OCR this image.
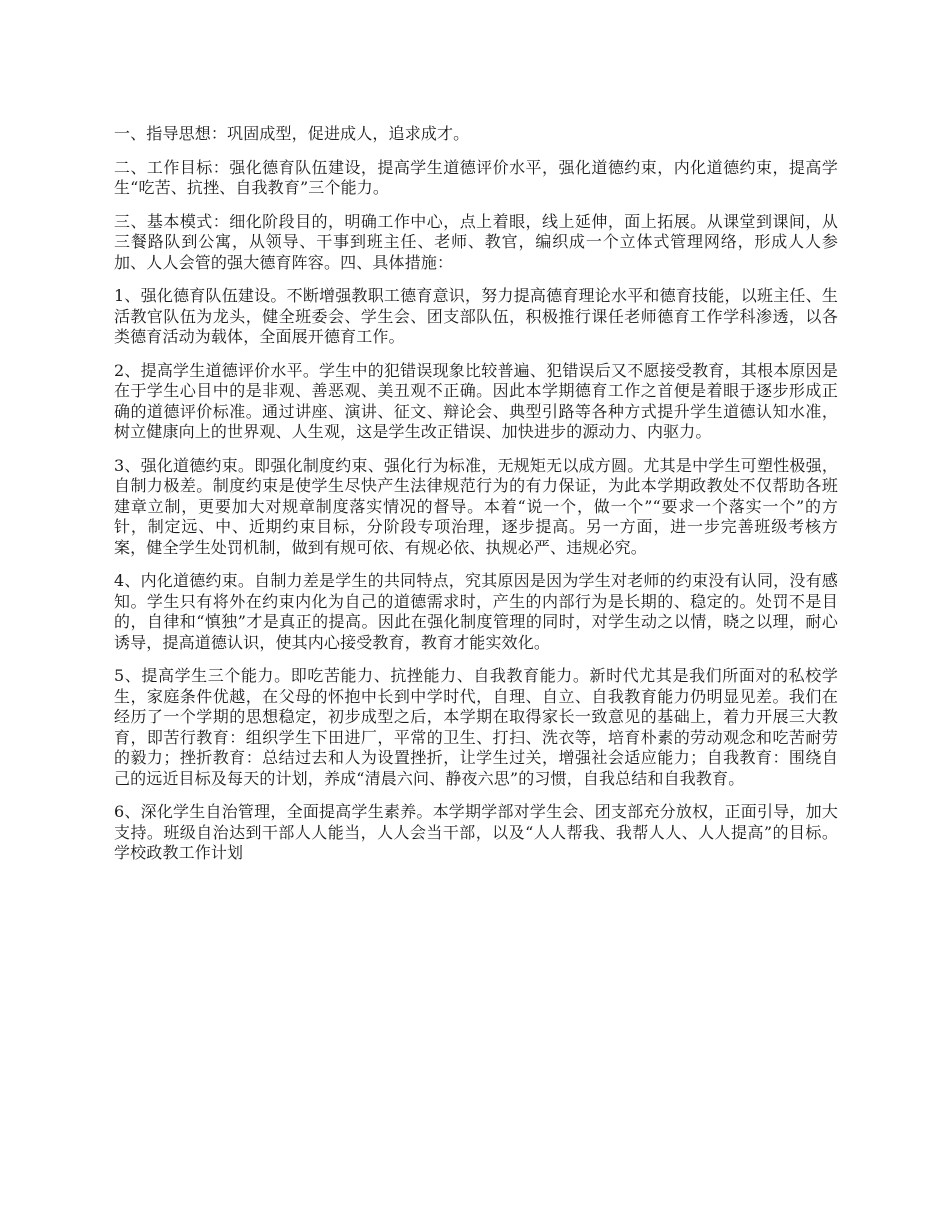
一、指导思想：巩固成型，促进成人，追求成才。

二、工作目标：强化德育队伍建设，提高学生道德评价水平，强化道德约束，内化道德约束，提高学生“吃苦、抗挫、自我教育”三个能力。

三、基本模式：细化阶段目的，明确工作中心，点上着眼，线上延伸，面上拓展。从课堂到课间，从三餐路队到公寓，从领导、干事到班主任、老师、教官，编织成一个立体式管理网络，形成人人参加、人人会管的强大德育阵容。四、具体措施：

1、强化德育队伍建设。不断增强教职工德育意识，努力提高德育理论水平和德育技能，以班主任、生活教官队伍为龙头，健全班委会、学生会、团支部队伍，积极推行课任老师德育工作学科渗透，以各类德育活动为载体，全面展开德育工作。

2、提高学生道德评价水平。学生中的犯错误现象比较普遍、犯错误后又不愿接受教育，其根本原因是在于学生心目中的是非观、善恶观、美丑观不正确。因此本学期德育工作之首便是着眼于逐步形成正确的道德评价标准。通过讲座、演讲、征文、辩论会、典型引路等各种方式提升学生道德认知水准，树立健康向上的世界观、人生观，这是学生改正错误、加快进步的源动力、内驱力。

3、强化道德约束。即强化制度约束、强化行为标准，无规矩无以成方圆。尤其是中学生可塑性极强，自制力极差。制度约束是使学生尽快产生法律规范行为的有力保证，为此本学期政教处不仅帮助各班建章立制，更要加大对规章制度落实情况的督导。本着“说一个，做一个”“要求一个落实一个”的方针，制定远、中、近期约束目标，分阶段专项治理，逐步提高。另一方面，进一步完善班级考核方案，健全学生处罚机制，做到有规可依、有规必依、执规必严、违规必究。

4、内化道德约束。自制力差是学生的共同特点，究其原因是因为学生对老师的约束没有认同，没有感知。学生只有将外在约束内化为自己的道德需求时，产生的内部行为是长期的、稳定的。处罚不是目的，自律和“慎独”才是真正的提高。因此在强化制度管理的同时，对学生动之以情，晓之以理，耐心诱导，提高道德认识，使其内心接受教育，教育才能实效化。

5、提高学生三个能力。即吃苦能力、抗挫能力、自我教育能力。新时代尤其是我们所面对的私校学生，家庭条件优越，在父母的怀抱中长到中学时代，自理、自立、自我教育能力仍明显见差。我们在经历了一个学期的思想稳定，初步成型之后，本学期在取得家长一致意见的基础上，着力开展三大教育，即苦行教育：组织学生下田进厂，平常的卫生、打扫、洗衣等，培育朴素的劳动观念和吃苦耐劳的毅力；挫折教育：总结过去和人为设置挫折，让学生过关，增强社会适应能力；自我教育：围绕自己的远近目标及每天的计划，养成“清晨六问、静夜六思”的习惯，自我总结和自我教育。

6、深化学生自治管理，全面提高学生素养。本学期学部对学生会、团支部充分放权，正面引导，加大支持。班级自治达到干部人人能当，人人会当干部，以及“人人帮我、我帮人人、人人提高”的目标。学校政教工作计划
